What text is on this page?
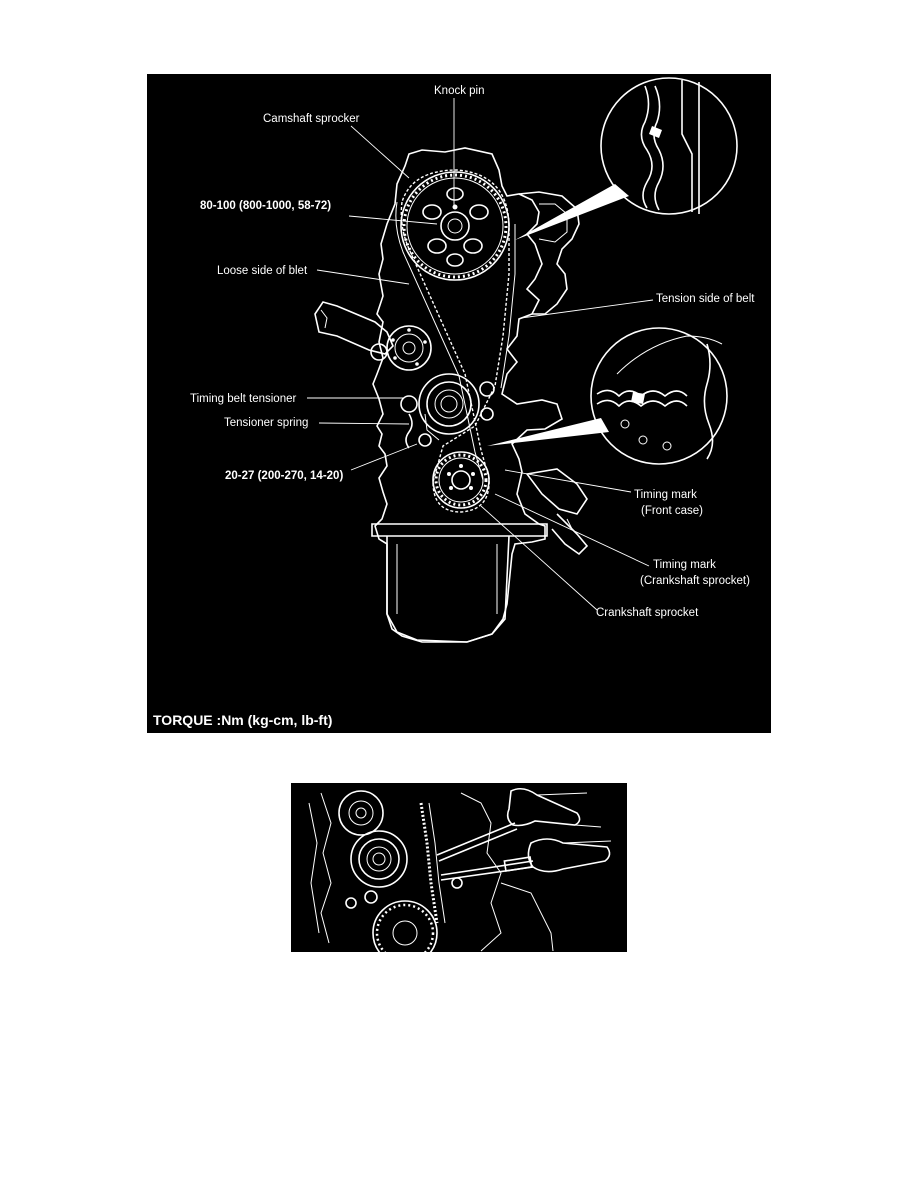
Knock pin
Camshaft sprocker
80-100 (800-1000, 58-72)
Loose side of blet
Tension side of belt
Timing belt tensioner
Tensioner spring
20-27 (200-270, 14-20)
Timing mark
(Front case)
Timing mark
(Crankshaft sprocket)
Crankshaft sprocket
TORQUE :Nm (kg-cm, lb-ft)
